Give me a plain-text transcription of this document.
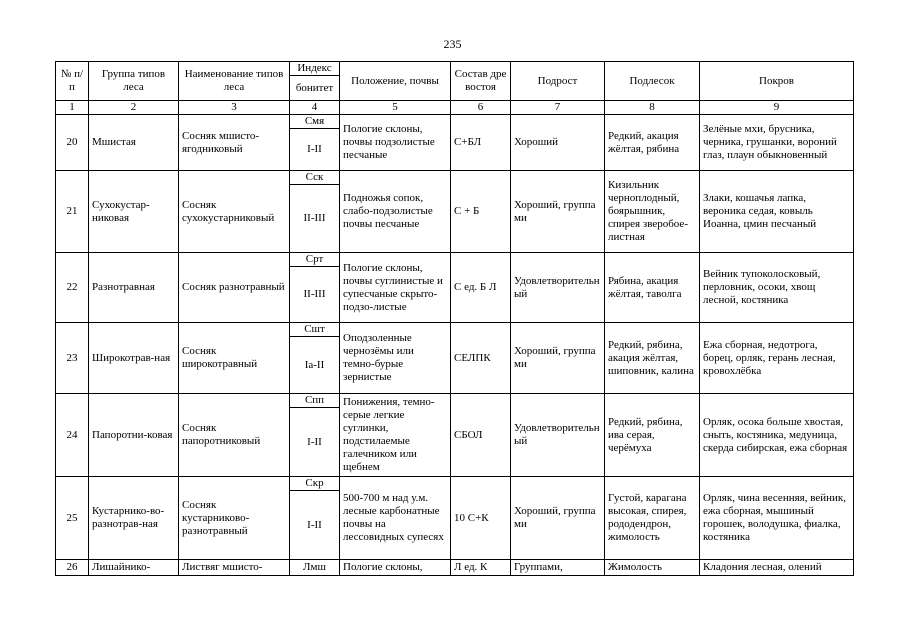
235
№ п/п	Группа типов леса	Наименование типов леса	Индекс	Положение, почвы	Состав древостоя	Подрост	Подлесок	Покров
			бонитет					
1	2	3	4	5	6	7	8	9
20	Мшистая	Сосняк мшисто-ягодниковый	Смя	Пологие склоны, почвы подзолистые песчаные	С+БЛ	Хороший	Редкий, акация жёлтая, рябина	Зелёные мхи, брусника, черника, грушанки, вороний глаз, плаун обыкновенный
			I-II					
21	Сухокустар-никовая	Сосняк сухокустарниковый	Сск	Подножья сопок, слабо-подзолистые почвы песчаные	С + Б	Хороший, группами	Кизильник черноплодный, боярышник, спирея зверобое-листная	Злаки, кошачья лапка, вероника седая, ковыль Иоанна, цмин песчаный
			II-III					
22	Разнотравная	Сосняк разнотравный	Срт	Пологие склоны, почвы суглинистые и супесчаные скрыто-подзо-листые	С ед. Б Л	Удовлетворительный	Рябина, акация жёлтая, таволга	Вейник тупоколосковый, перловник, осоки, хвощ лесной, костяника
			II-III					
23	Широкотрав-ная	Сосняк широкотравный	Сшт	Оподзоленные чернозёмы или темно-бурые зернистые	СЕЛПК	Хороший, группами	Редкий, рябина, акация жёлтая, шиповник, калина	Ежа сборная, недотрога, борец, орляк, герань лесная, кровохлёбка
			Ia-II					
24	Папоротни-ковая	Сосняк папоротниковый	Спп	Понижения, темно-серые легкие суглинки, подстилаемые галечником или щебнем	СБОЛ	Удовлетворительный	Редкий, рябина, ива серая, черёмуха	Орляк, осока больше хвостая, сныть, костяника, медуница, скерда сибирская, ежа сборная
			I-II					
25	Кустарнико-во-разнотрав-ная	Сосняк кустарниково-разнотравный	Скр	500-700 м над у.м. лесные карбонатные почвы на лессовидных супесях	10 С+К	Хороший, группами	Густой, карагана высокая, спирея, рододендрон, жимолость	Орляк, чина весенняя, вейник, ежа сборная, мышиный горошек, володушка, фиалка, костяника
			I-II					
26	Лишайнико-	Листвяг мшисто-	Лмш	Пологие склоны,	Л ед. К	Группами,	Жимолость	Кладония лесная, олений
